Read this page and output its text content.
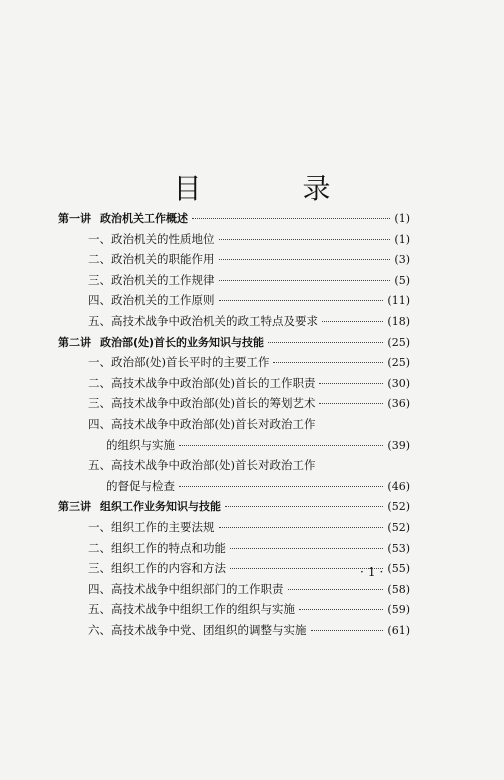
目 录
第一讲 政治机关工作概述	(1)
一、政治机关的性质地位	(1)
二、政治机关的职能作用	(3)
三、政治机关的工作规律	(5)
四、政治机关的工作原则	(11)
五、高技术战争中政治机关的政工特点及要求	(18)
第二讲 政治部(处)首长的业务知识与技能	(25)
一、政治部(处)首长平时的主要工作	(25)
二、高技术战争中政治部(处)首长的工作职责	(30)
三、高技术战争中政治部(处)首长的筹划艺术	(36)
四、高技术战争中政治部(处)首长对政治工作
的组织与实施	(39)
五、高技术战争中政治部(处)首长对政治工作
的督促与检查	(46)
第三讲 组织工作业务知识与技能	(52)
一、组织工作的主要法规	(52)
二、组织工作的特点和功能	(53)
三、组织工作的内容和方法	(55)
四、高技术战争中组织部门的工作职责	(58)
五、高技术战争中组织工作的组织与实施	(59)
六、高技术战争中党、团组织的调整与实施	(61)
·1·
